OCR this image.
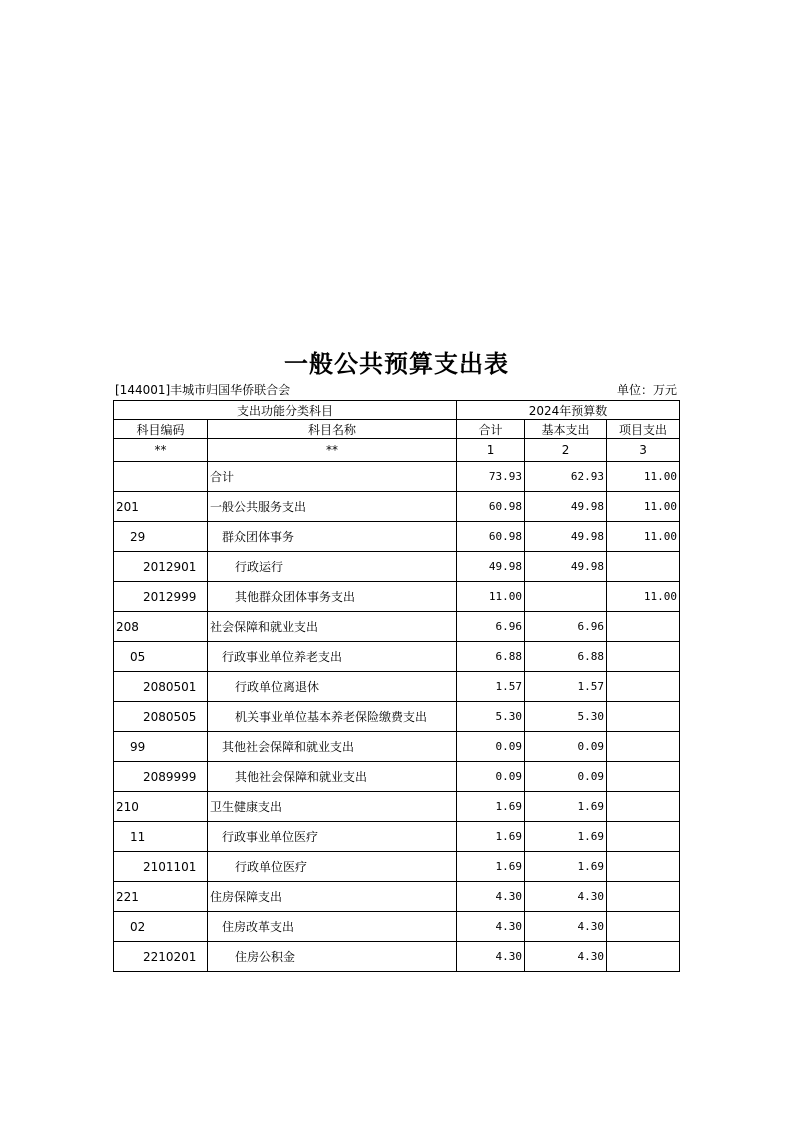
一般公共预算支出表
[144001]丰城市归国华侨联合会	单位：万元
支出功能分类科目		2024年预算数		
科目编码	科目名称	合计	基本支出	项目支出
**	**	1	2	3
	合计	73.93	62.93	11.00
201	一般公共服务支出	60.98	49.98	11.00
29	群众团体事务	60.98	49.98	11.00
2012901	行政运行	49.98	49.98	
2012999	其他群众团体事务支出	11.00		11.00
208	社会保障和就业支出	6.96	6.96	
05	行政事业单位养老支出	6.88	6.88	
2080501	行政单位离退休	1.57	1.57	
2080505	机关事业单位基本养老保险缴费支出	5.30	5.30	
99	其他社会保障和就业支出	0.09	0.09	
2089999	其他社会保障和就业支出	0.09	0.09	
210	卫生健康支出	1.69	1.69	
11	行政事业单位医疗	1.69	1.69	
2101101	行政单位医疗	1.69	1.69	
221	住房保障支出	4.30	4.30	
02	住房改革支出	4.30	4.30	
2210201	住房公积金	4.30	4.30	
